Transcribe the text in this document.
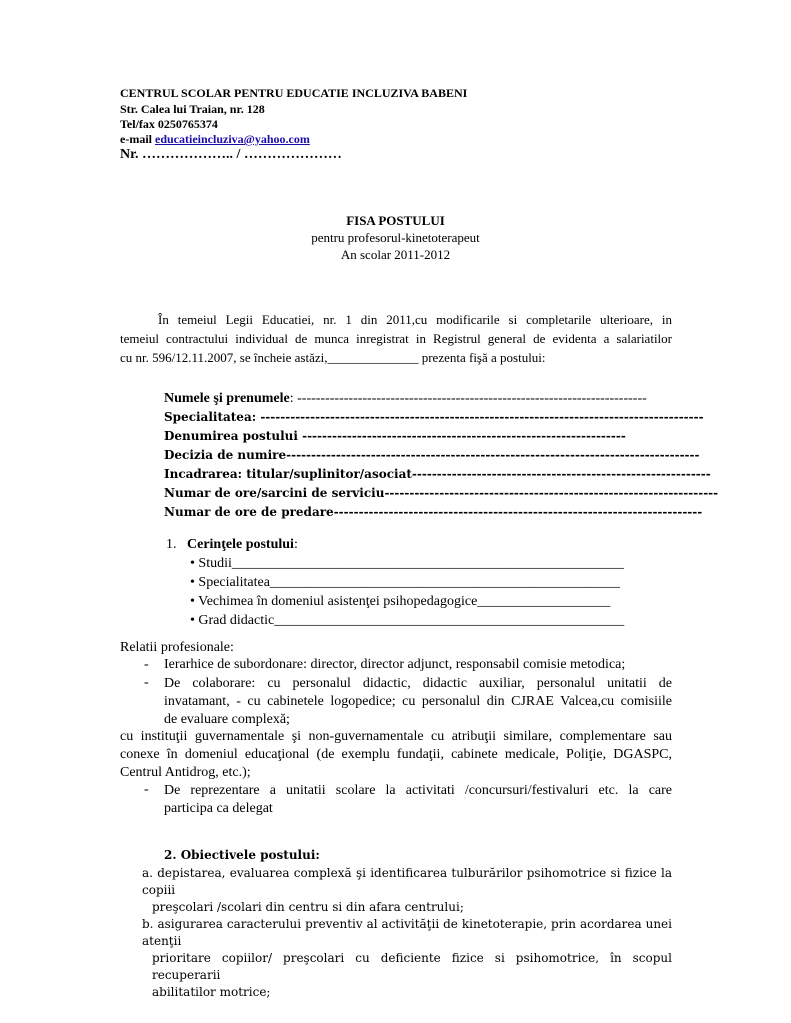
CENTRUL SCOLAR PENTRU EDUCATIE INCLUZIVA BABENI
Str. Calea lui Traian, nr. 128
Tel/fax 0250765374
e-mail educatieincluziva@yahoo.com
Nr. ……………….. / …………………
FISA POSTULUI
pentru profesorul-kinetoterapeut
An scolar 2011-2012
În temeiul Legii Educatiei, nr. 1 din 2011,cu modificarile si completarile ulterioare, in
temeiul contractului individual de munca inregistrat in Registrul general de evidenta a salariatilor
cu nr. 596/12.11.2007, se încheie astăzi,______________ prezenta fişă a postului:
Numele şi prenumele: ---------------------------------------------------------------------------
Specialitatea: -----------------------------------------------------------------------------------------
Denumirea postului -----------------------------------------------------------------
Decizia de numire-----------------------------------------------------------------------------------
Incadrarea: titular/suplinitor/asociat------------------------------------------------------------
Numar de ore/sarcini de serviciu-------------------------------------------------------------------
Numar de ore de predare--------------------------------------------------------------------------
1. Cerinţele postului:
• Studii________________________________________________________
• Specialitatea__________________________________________________
• Vechimea în domeniul asistenţei psihopedagogice___________________
• Grad didactic__________________________________________________
Relatii profesionale:
- Ierarhice de subordonare: director, director adjunct, responsabil comisie metodica;
- De colaborare: cu personalul didactic, didactic auxiliar, personalul unitatii de
invatamant, - cu cabinetele logopedice; cu personalul din CJRAE Valcea,cu comisiile
de evaluare complexă;
cu instituţii guvernamentale şi non-guvernamentale cu atribuţii similare, complementare sau
conexe în domeniul educaţional (de exemplu fundaţii, cabinete medicale, Poliţie, DGASPC,
Centrul Antidrog, etc.);
- De reprezentare a unitatii scolare la activitati /concursuri/festivaluri etc. la care
participa ca delegat
2. Obiectivele postului:
a. depistarea, evaluarea complexă şi identificarea tulburărilor psihomotrice si fizice la copiii
preşcolari /scolari din centru si din afara centrului;
b. asigurarea caracterului preventiv al activităţii de kinetoterapie, prin acordarea unei atenţii
prioritare copiilor/ preşcolari cu deficiente fizice si psihomotrice, în scopul recuperarii
abilitatilor motrice;
